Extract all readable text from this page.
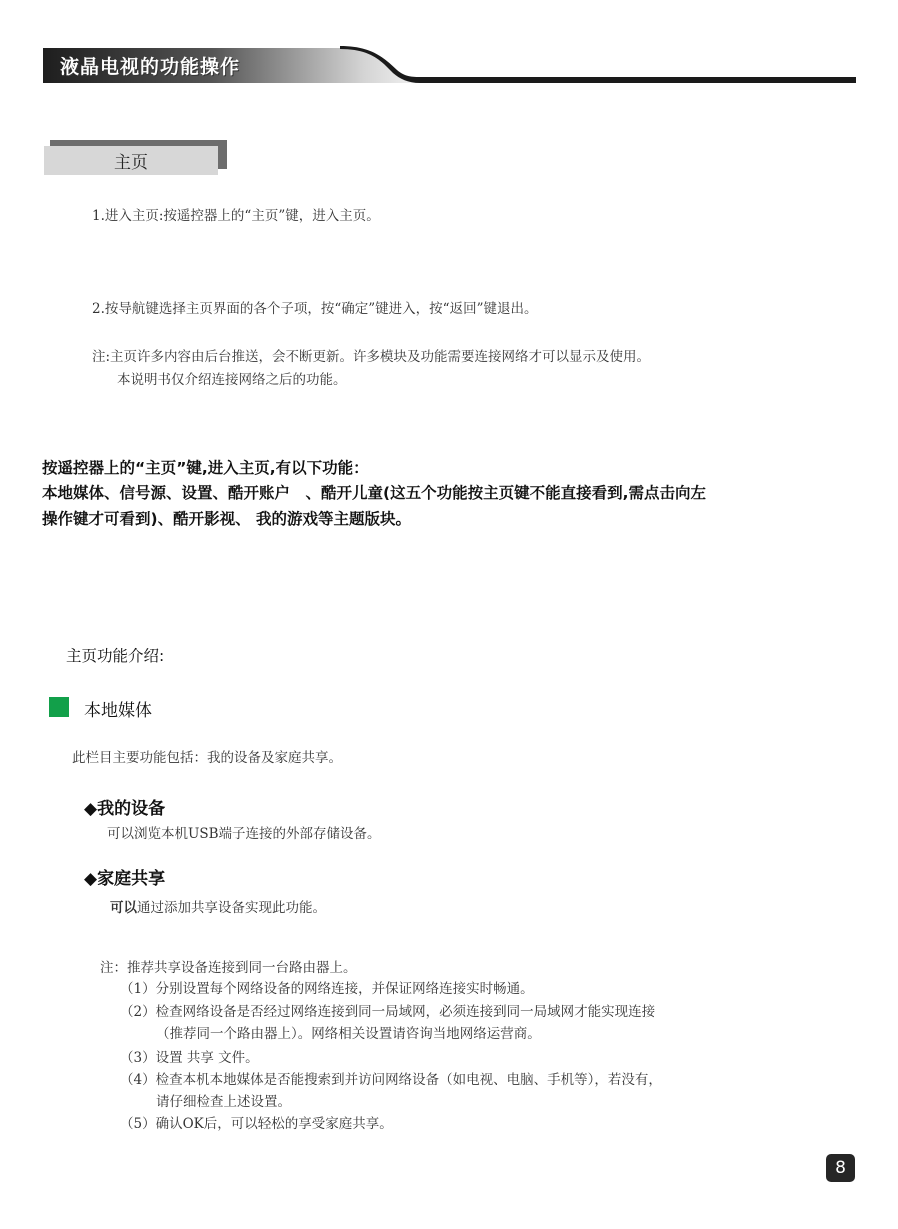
液晶电视的功能操作
主页
1.进入主页:按遥控器上的“主页”键，进入主页。
2.按导航键选择主页界面的各个子项，按“确定”键进入，按“返回”键退出。
注:主页许多内容由后台推送，会不断更新。许多模块及功能需要连接网络才可以显示及使用。
本说明书仅介绍连接网络之后的功能。
按遥控器上的“主页”键,进入主页,有以下功能：
本地媒体、信号源、设置、酷开账户　、酷开儿童(这五个功能按主页键不能直接看到,需点击向左
操作键才可看到)、酷开影视、 我的游戏等主题版块。
主页功能介绍:
本地媒体
此栏目主要功能包括：我的设备及家庭共享。
◆我的设备
可以浏览本机USB端子连接的外部存储设备。
◆家庭共享
可以通过添加共享设备实现此功能。
注：推荐共享设备连接到同一台路由器上。
（1）分别设置每个网络设备的网络连接，并保证网络连接实时畅通。
（2）检查网络设备是否经过网络连接到同一局域网，必须连接到同一局域网才能实现连接
（推荐同一个路由器上）。网络相关设置请咨询当地网络运营商。
（3）设置 共享 文件。
（4）检查本机本地媒体是否能搜索到并访问网络设备（如电视、电脑、手机等），若没有，
请仔细检查上述设置。
（5）确认OK后，可以轻松的享受家庭共享。
8
